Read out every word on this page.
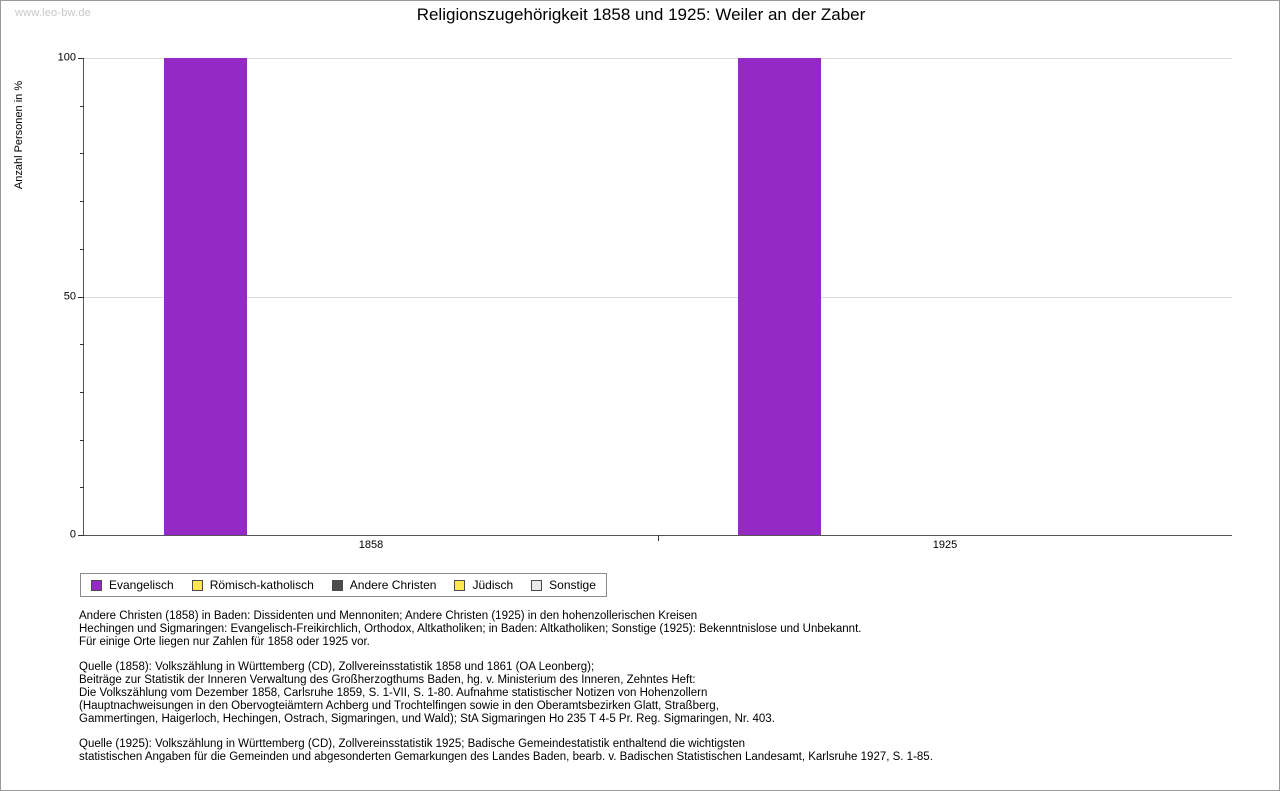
www.leo-bw.de	Religionszugehörigkeit 1858 und 1925: Weiler an der Zaber
Anzahl Personen in %
0
50
100
1858	1925
Evangelisch	Römisch-katholisch	Andere Christen	Jüdisch	Sonstige

Andere Christen (1858) in Baden: Dissidenten und Mennoniten; Andere Christen (1925) in den hohenzollerischen Kreisen
Hechingen und Sigmaringen: Evangelisch-Freikirchlich, Orthodox, Altkatholiken; in Baden: Altkatholiken; Sonstige (1925): Bekenntnislose und Unbekannt.
Für einige Orte liegen nur Zahlen für 1858 oder 1925 vor.

Quelle (1858): Volkszählung in Württemberg (CD), Zollvereinsstatistik 1858 und 1861 (OA Leonberg);
Beiträge zur Statistik der Inneren Verwaltung des Großherzogthums Baden, hg. v. Ministerium des Inneren, Zehntes Heft:
Die Volkszählung vom Dezember 1858, Carlsruhe 1859, S. 1-VII, S. 1-80. Aufnahme statistischer Notizen von Hohenzollern
(Hauptnachweisungen in den Obervogteiämtern Achberg und Trochtelfingen sowie in den Oberamtsbezirken Glatt, Straßberg,
Gammertingen, Haigerloch, Hechingen, Ostrach, Sigmaringen, und Wald); StA Sigmaringen Ho 235 T 4-5 Pr. Reg. Sigmaringen, Nr. 403.

Quelle (1925): Volkszählung in Württemberg (CD), Zollvereinsstatistik 1925; Badische Gemeindestatistik enthaltend die wichtigsten
statistischen Angaben für die Gemeinden und abgesonderten Gemarkungen des Landes Baden, bearb. v. Badischen Statistischen Landesamt, Karlsruhe 1927, S. 1-85.
